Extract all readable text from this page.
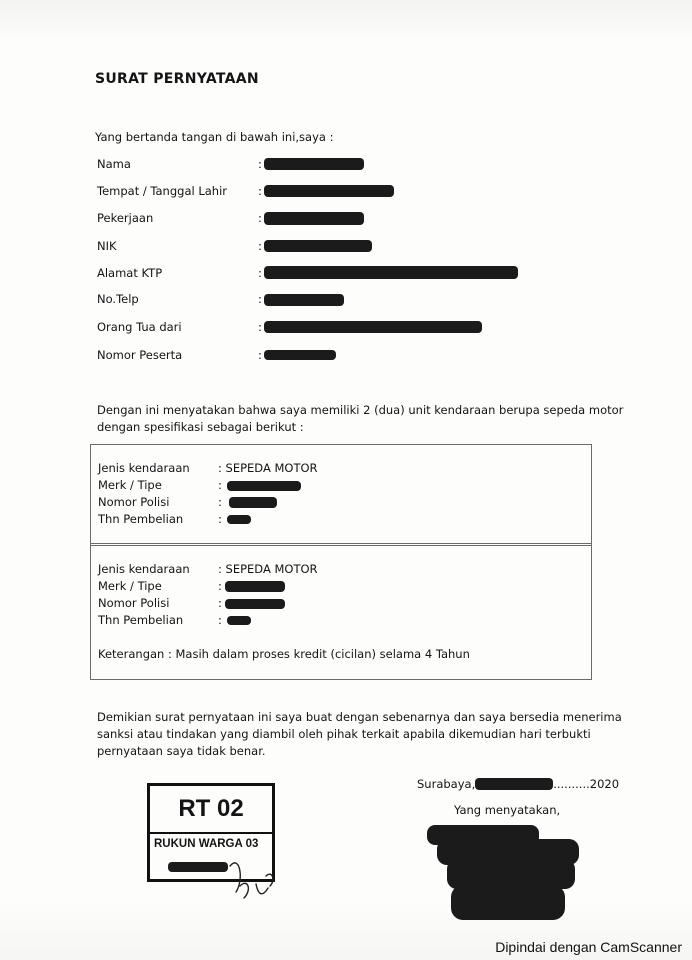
SURAT PERNYATAAN
Yang bertanda tangan di bawah ini,saya :
Nama	:
Tempat / Tanggal Lahir	:
Pekerjaan	:
NIK	:
Alamat KTP	:
No.Telp	:
Orang Tua dari	:
Nomor Peserta	:
Dengan ini menyatakan bahwa saya memiliki 2 (dua) unit kendaraan berupa sepeda motor
dengan spesifikasi sebagai berikut :
Jenis kendaraan : SEPEDA MOTOR
Merk / Tipe	:
Nomor Polisi	:
Thn Pembelian	:
Jenis kendaraan : SEPEDA MOTOR
Merk / Tipe	:
Nomor Polisi	:
Thn Pembelian	:
Keterangan : Masih dalam proses kredit (cicilan) selama 4 Tahun
Demikian surat pernyataan ini saya buat dengan sebenarnya dan saya bersedia menerima
sanksi atau tindakan yang diambil oleh pihak terkait apabila dikemudian hari terbukti
pernyataan saya tidak benar.
Surabaya,	..........2020
Yang menyatakan,
RT 02
RUKUN WARGA 03
Dipindai dengan CamScanner
